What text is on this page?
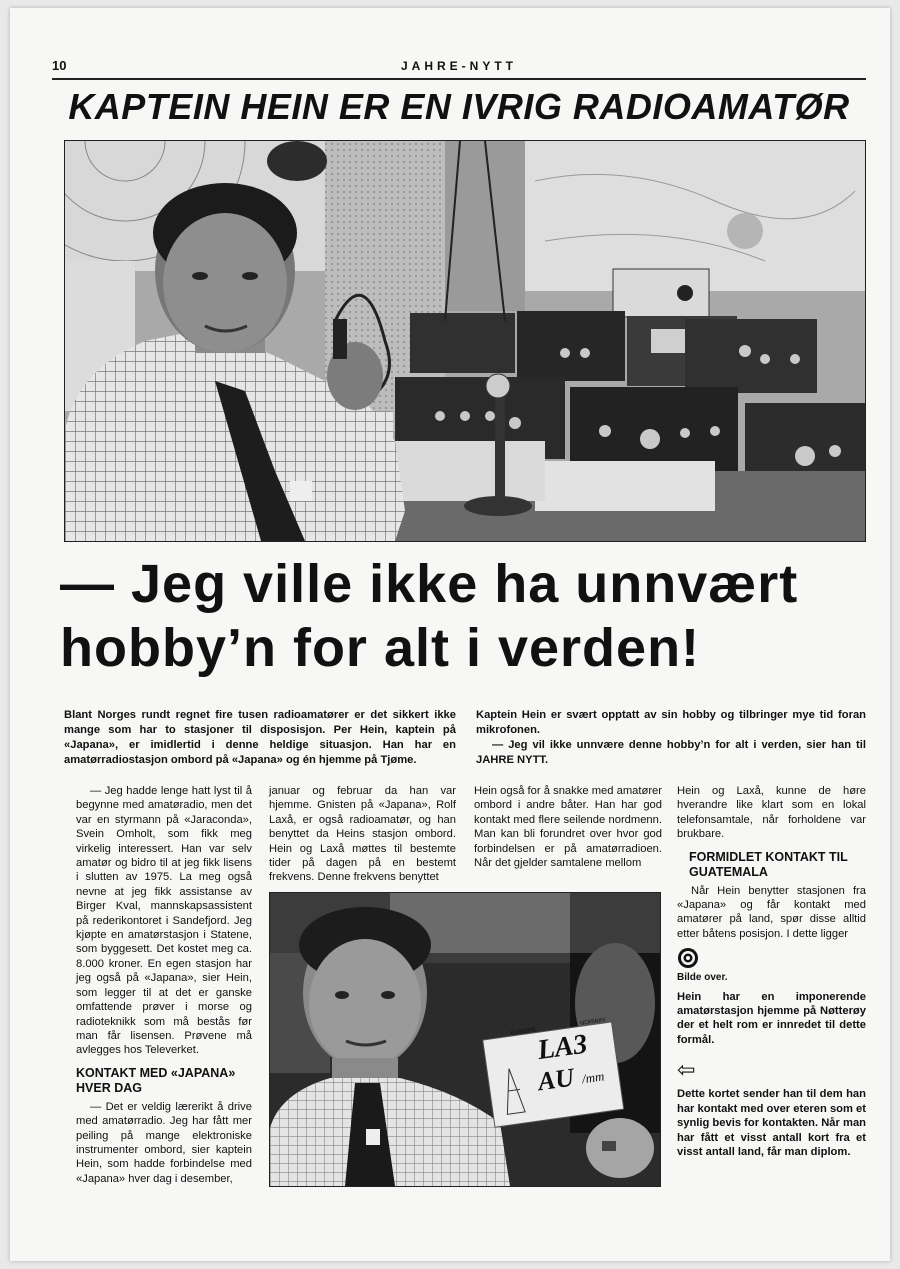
10	JAHRE-NYTT
KAPTEIN HEIN ER EN IVRIG RADIOAMATØR
— Jeg ville ikke ha unnvært
hobby’n for alt i verden!

Blant Norges rundt regnet fire tusen radioamatører er det sikkert ikke mange som har to stasjoner til disposisjon. Per Hein, kaptein på «Japana», er imidlertid i denne heldige situasjon. Han har en amatørradiostasjon ombord på «Japana» og én hjemme på Tjøme.

Kaptein Hein er svært opptatt av sin hobby og tilbringer mye tid foran mikrofonen.

— Jeg vil ikke unnvære denne hobby’n for alt i verden, sier han til JAHRE NYTT.

— Jeg hadde lenge hatt lyst til å begynne med amatøradio, men det var en styrmann på «Jaraconda», Svein Omholt, som fikk meg virkelig interessert. Han var selv amatør og bidro til at jeg fikk lisens i slutten av 1975. La meg også nevne at jeg fikk assistanse av Birger Kval, mannskapsassistent på rederikontoret i Sandefjord. Jeg kjøpte en amatørstasjon i Statene, som byggesett. Det kostet meg ca. 8.000 kroner. En egen stasjon har jeg også på «Japana», sier Hein, som legger til at det er ganske omfattende prøver i morse og radioteknikk som må bestås før man får lisensen. Prøvene må avlegges hos Televerket.

KONTAKT MED «JAPANA» HVER DAG

— Det er veldig lærerikt å drive med amatørradio. Jeg har fått mer peiling på mange elektroniske instrumenter ombord, sier kaptein Hein, som hadde forbindelse med «Japana» hver dag i desember,

januar og februar da han var hjemme. Gnisten på «Japana», Rolf Laxå, er også radioamatør, og han benyttet da Heins stasjon ombord. Hein og Laxå møttes til bestemte tider på dagen på en bestemt frekvens. Denne frekvens benyttet

Hein også for å snakke med amatører ombord i andre båter. Han har god kontakt med flere seilende nordmenn. Man kan bli forundret over hvor god forbindelsen er på amatørradioen. Når det gjelder samtalene mellom

EUROPE
NORWAY
LA3
AU /mm

Hein og Laxå, kunne de høre hverandre like klart som en lokal telefonsamtale, når forholdene var brukbare.

FORMIDLET KONTAKT TIL GUATEMALA

Når Hein benytter stasjonen fra «Japana» og får kontakt med amatører på land, spør disse alltid etter båtens posisjon. I dette ligger

Bilde over.

Hein har en imponerende amatørstasjon hjemme på Nøtterøy der et helt rom er innredet til dette formål.

⇦

Dette kortet sender han til dem han har kontakt med over eteren som et synlig bevis for kontakten. Når man har fått et visst antall kort fra et visst antall land, får man diplom.
